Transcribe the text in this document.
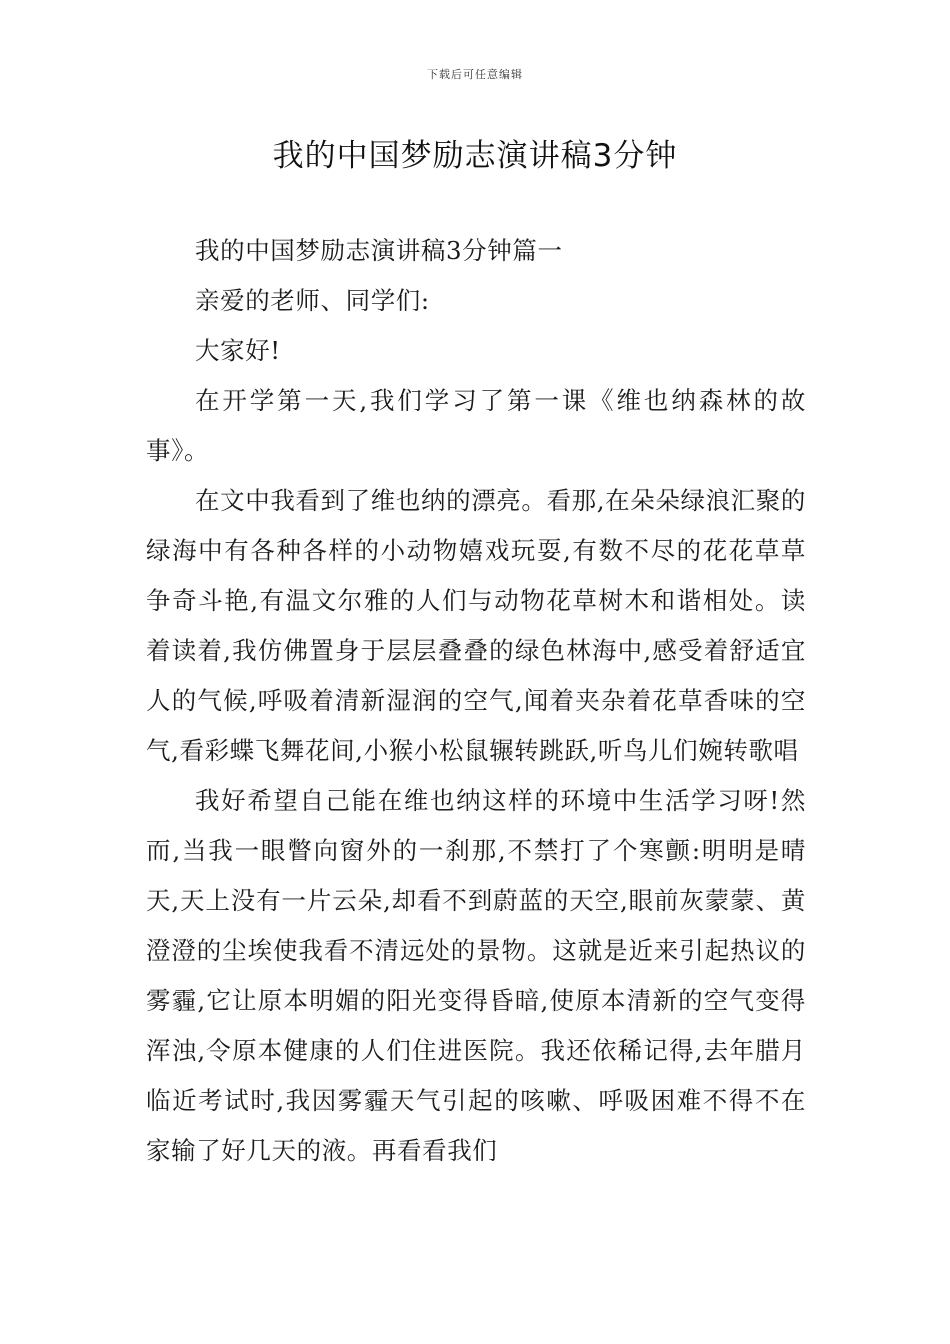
下载后可任意编辑
我的中国梦励志演讲稿3分钟

我的中国梦励志演讲稿3分钟篇一

亲爱的老师、同学们:

大家好!

在开学第一天,我们学习了第一课《维也纳森林的故事》。

在文中我看到了维也纳的漂亮。看那,在朵朵绿浪汇聚的绿海中有各种各样的小动物嬉戏玩耍,有数不尽的花花草草争奇斗艳,有温文尔雅的人们与动物花草树木和谐相处。读着读着,我仿佛置身于层层叠叠的绿色林海中,感受着舒适宜人的气候,呼吸着清新湿润的空气,闻着夹杂着花草香味的空气,看彩蝶飞舞花间,小猴小松鼠辗转跳跃,听鸟儿们婉转歌唱

我好希望自己能在维也纳这样的环境中生活学习呀!然而,当我一眼瞥向窗外的一刹那,不禁打了个寒颤:明明是晴天,天上没有一片云朵,却看不到蔚蓝的天空,眼前灰蒙蒙、黄澄澄的尘埃使我看不清远处的景物。这就是近来引起热议的雾霾,它让原本明媚的阳光变得昏暗,使原本清新的空气变得浑浊,令原本健康的人们住进医院。我还依稀记得,去年腊月临近考试时,我因雾霾天气引起的咳嗽、呼吸困难不得不在家输了好几天的液。再看看我们
